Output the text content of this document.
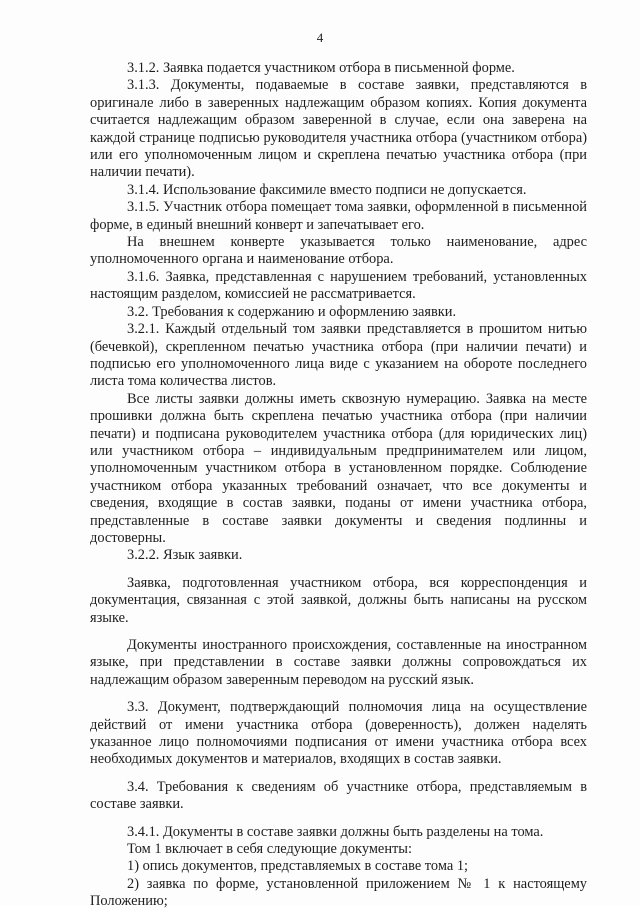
4

3.1.2. Заявка подается участником отбора в письменной форме.

3.1.3. Документы, подаваемые в составе заявки, представляются в оригинале либо в заверенных надлежащим образом копиях. Копия документа считается надлежащим образом заверенной в случае, если она заверена на каждой странице подписью руководителя участника отбора (участником отбора) или его уполномоченным лицом и скреплена печатью участника отбора (при наличии печати).

3.1.4. Использование факсимиле вместо подписи не допускается.

3.1.5. Участник отбора помещает тома заявки, оформленной в письменной форме, в единый внешний конверт и запечатывает его.

На внешнем конверте указывается только наименование, адрес уполномоченного органа и наименование отбора.

3.1.6. Заявка, представленная с нарушением требований, установленных настоящим разделом, комиссией не рассматривается.

3.2. Требования к содержанию и оформлению заявки.

3.2.1. Каждый отдельный том заявки представляется в прошитом нитью (бечевкой), скрепленном печатью участника отбора (при наличии печати) и подписью его уполномоченного лица виде с указанием на обороте последнего листа тома количества листов.

Все листы заявки должны иметь сквозную нумерацию. Заявка на месте прошивки должна быть скреплена печатью участника отбора (при наличии печати) и подписана руководителем участника отбора (для юридических лиц) или участником отбора – индивидуальным предпринимателем или лицом, уполномоченным участником отбора в установленном порядке. Соблюдение участником отбора указанных требований означает, что все документы и сведения, входящие в состав заявки, поданы от имени участника отбора, представленные в составе заявки документы и сведения подлинны и достоверны.

3.2.2. Язык заявки.

Заявка, подготовленная участником отбора, вся корреспонденция и документация, связанная с этой заявкой, должны быть написаны на русском языке.

Документы иностранного происхождения, составленные на иностранном языке, при представлении в составе заявки должны сопровождаться их надлежащим образом заверенным переводом на русский язык.

3.3. Документ, подтверждающий полномочия лица на осуществление действий от имени участника отбора (доверенность), должен наделять указанное лицо полномочиями подписания от имени участника отбора всех необходимых документов и материалов, входящих в состав заявки.

3.4. Требования к сведениям об участнике отбора, представляемым в составе заявки.

3.4.1. Документы в составе заявки должны быть разделены на тома.

Том 1 включает в себя следующие документы:

1) опись документов, представляемых в составе тома 1;

2) заявка по форме, установленной приложением № 1 к настоящему Положению;
